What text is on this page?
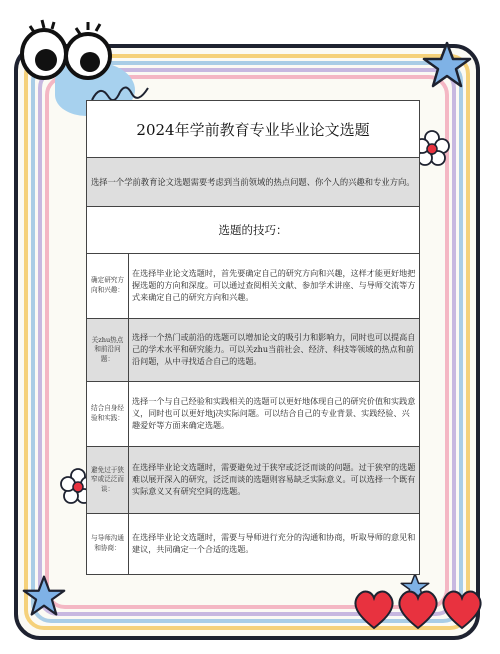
2024年学前教育专业毕业论文选题
选择一个学前教育论文选题需要考虑到当前领域的热点问题、你个人的兴趣和专业方向。
选题的技巧：
确定研究方向和兴趣：
在选择毕业论文选题时，首先要确定自己的研究方向和兴趣，这样才能更好地把握选题的方向和深度。可以通过查阅相关文献、参加学术讲座、与导师交流等方式来确定自己的研究方向和兴趣。
关zhu热点和前沿问题：
选择一个热门或前沿的选题可以增加论文的吸引力和影响力，同时也可以提高自己的学术水平和研究能力。可以关zhu当前社会、经济、科技等领域的热点和前沿问题，从中寻找适合自己的选题。
结合自身经验和实践：
选择一个与自己经验和实践相关的选题可以更好地体现自己的研究价值和实践意义，同时也可以更好地j决实际问题。可以结合自己的专业背景、实践经验、兴趣爱好等方面来确定选题。
避免过于狭窄或泛泛而谈：
在选择毕业论文选题时，需要避免过于狭窄或泛泛而谈的问题。过于狭窄的选题难以展开深入的研究，泛泛而谈的选题则容易缺乏实际意义。可以选择一个既有实际意义又有研究空间的选题。
与导师沟通和协商：
在选择毕业论文选题时，需要与导师进行充分的沟通和协商，听取导师的意见和建议，共同确定一个合适的选题。
